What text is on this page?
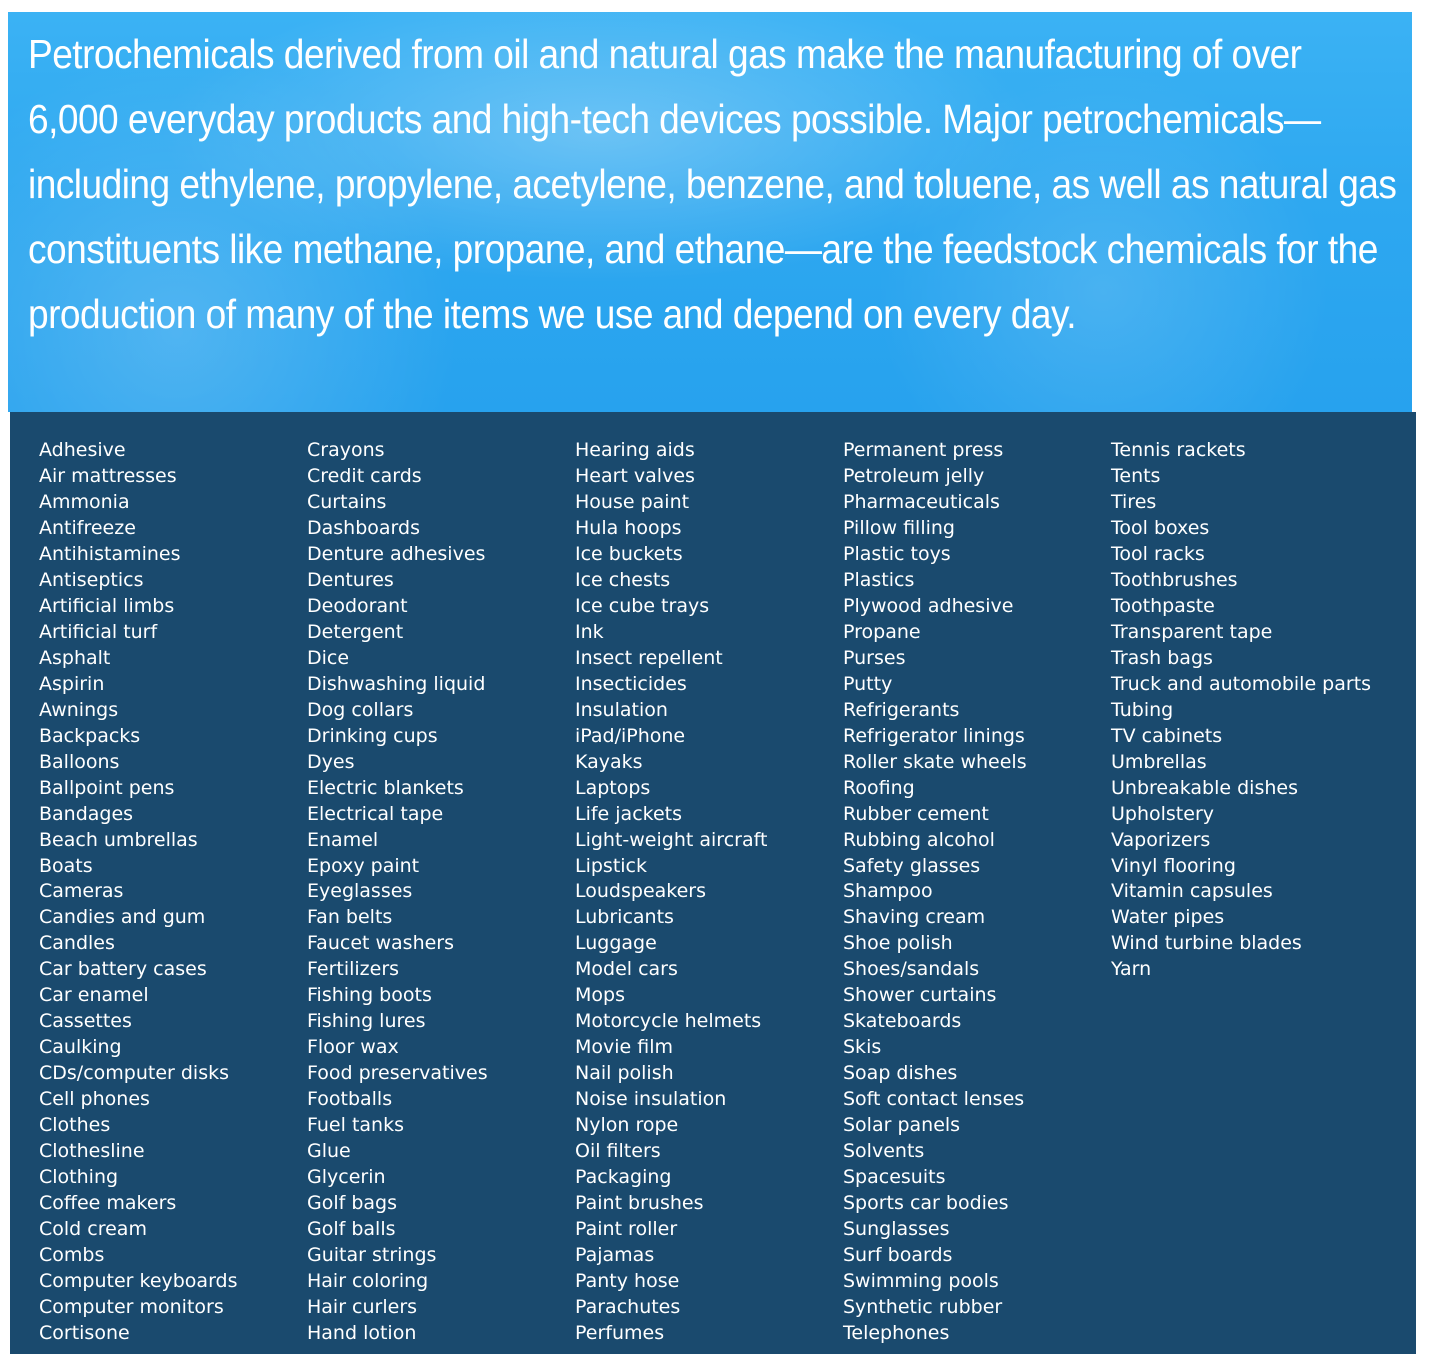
Petrochemicals derived from oil and natural gas make the manufacturing of over 6,000 everyday products and high-tech devices possible. Major petrochemicals—including ethylene, propylene, acetylene, benzene, and toluene, as well as natural gas constituents like methane, propane, and ethane—are the feedstock chemicals for the production of many of the items we use and depend on every day.

Adhesive
Air mattresses
Ammonia
Antifreeze
Antihistamines
Antiseptics
Artificial limbs
Artificial turf
Asphalt
Aspirin
Awnings
Backpacks
Balloons
Ballpoint pens
Bandages
Beach umbrellas
Boats
Cameras
Candies and gum
Candles
Car battery cases
Car enamel
Cassettes
Caulking
CDs/computer disks
Cell phones
Clothes
Clothesline
Clothing
Coffee makers
Cold cream
Combs
Computer keyboards
Computer monitors
Cortisone
Crayons
Credit cards
Curtains
Dashboards
Denture adhesives
Dentures
Deodorant
Detergent
Dice
Dishwashing liquid
Dog collars
Drinking cups
Dyes
Electric blankets
Electrical tape
Enamel
Epoxy paint
Eyeglasses
Fan belts
Faucet washers
Fertilizers
Fishing boots
Fishing lures
Floor wax
Food preservatives
Footballs
Fuel tanks
Glue
Glycerin
Golf bags
Golf balls
Guitar strings
Hair coloring
Hair curlers
Hand lotion
Hearing aids
Heart valves
House paint
Hula hoops
Ice buckets
Ice chests
Ice cube trays
Ink
Insect repellent
Insecticides
Insulation
iPad/iPhone
Kayaks
Laptops
Life jackets
Light-weight aircraft
Lipstick
Loudspeakers
Lubricants
Luggage
Model cars
Mops
Motorcycle helmets
Movie film
Nail polish
Noise insulation
Nylon rope
Oil filters
Packaging
Paint brushes
Paint roller
Pajamas
Panty hose
Parachutes
Perfumes
Permanent press
Petroleum jelly
Pharmaceuticals
Pillow filling
Plastic toys
Plastics
Plywood adhesive
Propane
Purses
Putty
Refrigerants
Refrigerator linings
Roller skate wheels
Roofing
Rubber cement
Rubbing alcohol
Safety glasses
Shampoo
Shaving cream
Shoe polish
Shoes/sandals
Shower curtains
Skateboards
Skis
Soap dishes
Soft contact lenses
Solar panels
Solvents
Spacesuits
Sports car bodies
Sunglasses
Surf boards
Swimming pools
Synthetic rubber
Telephones
Tennis rackets
Tents
Tires
Tool boxes
Tool racks
Toothbrushes
Toothpaste
Transparent tape
Trash bags
Truck and automobile parts
Tubing
TV cabinets
Umbrellas
Unbreakable dishes
Upholstery
Vaporizers
Vinyl flooring
Vitamin capsules
Water pipes
Wind turbine blades
Yarn
